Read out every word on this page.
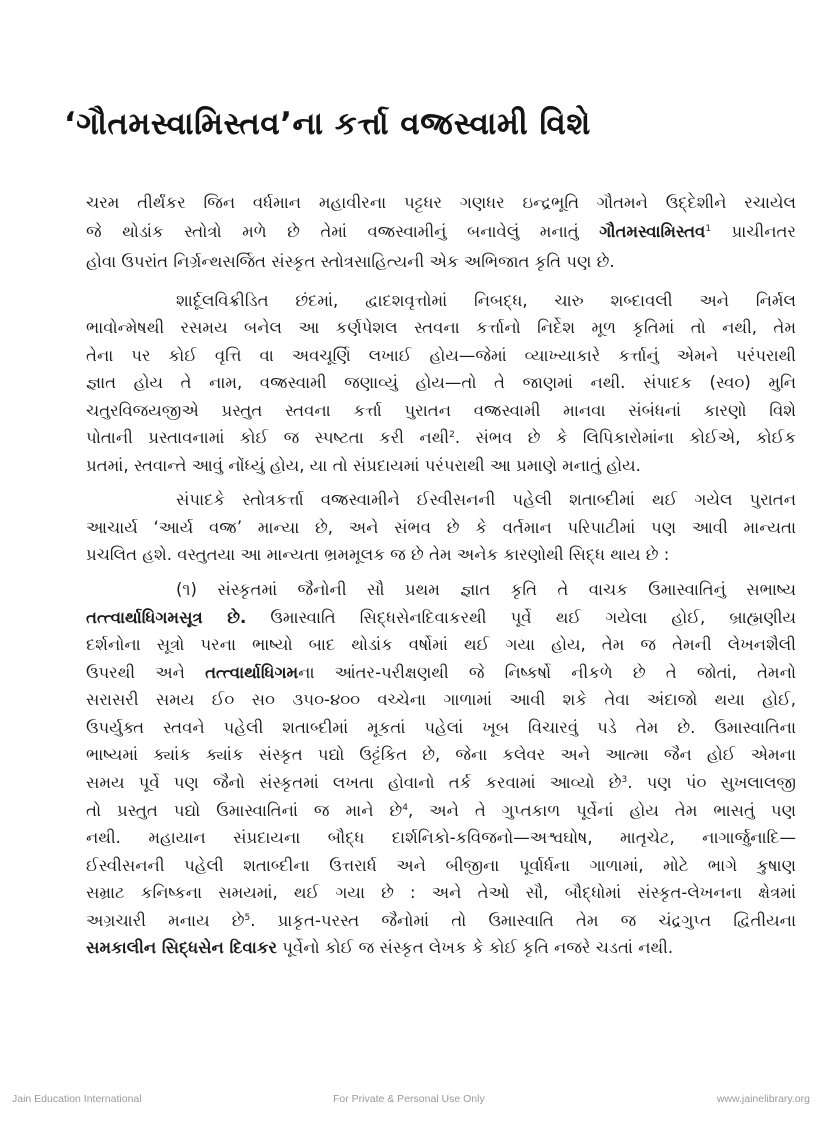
‘ગૌતમસ્વામિસ્તવ’ના કર્ત્તા વજ્રસ્વામી વિશે
ચરમ તીર્થંકર જિન વર્ધમાન મહાવીરના પટ્ટધર ગણધર ઇન્દ્રભૂતિ ગૌતમને ઉદ્દેશીને રચાયેલ
જે થોડાંક સ્તોત્રો મળે છે તેમાં વજ્રસ્વામીનું બનાવેલું મનાતું ગૌતમસ્વામિસ્તવ$^1$ પ્રાચીનતર
હોવા ઉપરાંત નિર્ગ્રન્થસર્જિત સંસ્કૃત સ્તોત્રસાહિત્યની એક અભિજાત કૃતિ પણ છે.
શાર્દૂલવિક્રીડિત છંદમાં, દ્વાદશવૃત્તોમાં નિબદ્ધ, ચારુ શબ્દાવલી અને નિર્મલ
ભાવોન્મેષથી રસમય બનેલ આ કર્ણપેશલ સ્તવના કર્ત્તાનો નિર્દેશ મૂળ કૃતિમાં તો નથી, તેમ
તેના પર કોઈ વૃત્તિ વા અવચૂર્ણિ લખાઈ હોય—જેમાં વ્યાખ્યાકારે કર્ત્તાનું એમને પરંપરાથી
જ્ઞાત હોય તે નામ, વજ્રસ્વામી જણાવ્યું હોય—તો તે જાણમાં નથી. સંપાદક (સ્વ૦) મુનિ
ચતુરવિજયજીએ પ્રસ્તુત સ્તવના કર્ત્તા પુરાતન વજ્રસ્વામી માનવા સંબંધનાં કારણો વિશે
પોતાની પ્રસ્તાવનામાં કોઈ જ સ્પષ્ટતા કરી નથી$^2$. સંભવ છે કે લિપિકારોમાંના કોઈએ, કોઈક
પ્રતમાં, સ્તવાન્તે આવું નોંધ્યું હોય, યા તો સંપ્રદાયમાં પરંપરાથી આ પ્રમાણે મનાતું હોય.
સંપાદકે સ્તોત્રકર્ત્તા વજ્રસ્વામીને ઈસ્વીસનની પહેલી શતાબ્દીમાં થઈ ગયેલ પુરાતન
આચાર્ય ‘આર્ય વજ્ર’ માન્યા છે, અને સંભવ છે કે વર્તમાન પરિપાટીમાં પણ આવી માન્યતા
પ્રચલિત હશે. વસ્તુતયા આ માન્યતા ભ્રમમૂલક જ છે તેમ અનેક કારણોથી સિદ્ધ થાય છે :
(૧) સંસ્કૃતમાં જૈનોની સૌ પ્રથમ જ્ઞાત કૃતિ તે વાચક ઉમાસ્વાતિનું સભાષ્ય
તત્ત્વાર્થાધિગમસૂત્ર છે. ઉમાસ્વાતિ સિદ્ધસેનદિવાકરથી પૂર્વે થઈ ગયેલા હોઈ, બ્રાહ્મણીય
દર્શનોના સૂત્રો પરના ભાષ્યો બાદ થોડાંક વર્ષોમાં થઈ ગયા હોય, તેમ જ તેમની લેખનશૈલી
ઉપરથી અને તત્ત્વાર્થાધિગમના આંતર-પરીક્ષણથી જે નિષ્કર્ષો નીકળે છે તે જોતાં, તેમનો
સરાસરી સમય ઈ૦ સ૦ ૩૫૦-૪૦૦ વચ્ચેના ગાળામાં આવી શકે તેવા અંદાજો થયા હોઈ,
ઉપર્યુક્ત સ્તવને પહેલી શતાબ્દીમાં મૂકતાં પહેલાં ખૂબ વિચારવું પડે તેમ છે. ઉમાસ્વાતિના
ભાષ્યમાં ક્યાંક ક્યાંક સંસ્કૃત પદ્યો ઉટ્ટંકિત છે, જેના કલેવર અને આત્મા જૈન હોઈ એમના
સમય પૂર્વે પણ જૈનો સંસ્કૃતમાં લખતા હોવાનો તર્ક કરવામાં આવ્યો છે$^3$. પણ પં૦ સુખલાલજી
તો પ્રસ્તુત પદ્યો ઉમાસ્વાતિનાં જ માને છે$^4$, અને તે ગુપ્તકાળ પૂર્વેનાં હોય તેમ ભાસતું પણ
નથી. મહાયાન સંપ્રદાયના બૌદ્ધ દાર્શનિકો-કવિજનો—અશ્વઘોષ, માતૃચેટ, નાગાર્જુનાદિ—
ઈસ્વીસનની પહેલી શતાબ્દીના ઉત્તરાર્ધ અને બીજીના પૂર્વાર્ધના ગાળામાં, મોટે ભાગે કુષાણ
સમ્રાટ કનિષ્કના સમયમાં, થઈ ગયા છે : અને તેઓ સૌ, બૌદ્ધોમાં સંસ્કૃત-લેખનના ક્ષેત્રમાં
અગ્રચારી મનાય છે$^5$. પ્રાકૃત-પરસ્ત જૈનોમાં તો ઉમાસ્વાતિ તેમ જ ચંદ્રગુપ્ત દ્વિતીયના
સમકાલીન સિદ્ધસેન દિવાકર પૂર્વેનો કોઈ જ સંસ્કૃત લેખક કે કોઈ કૃતિ નજરે ચડતાં નથી.
Jain Education International	For Private & Personal Use Only	www.jainelibrary.org
